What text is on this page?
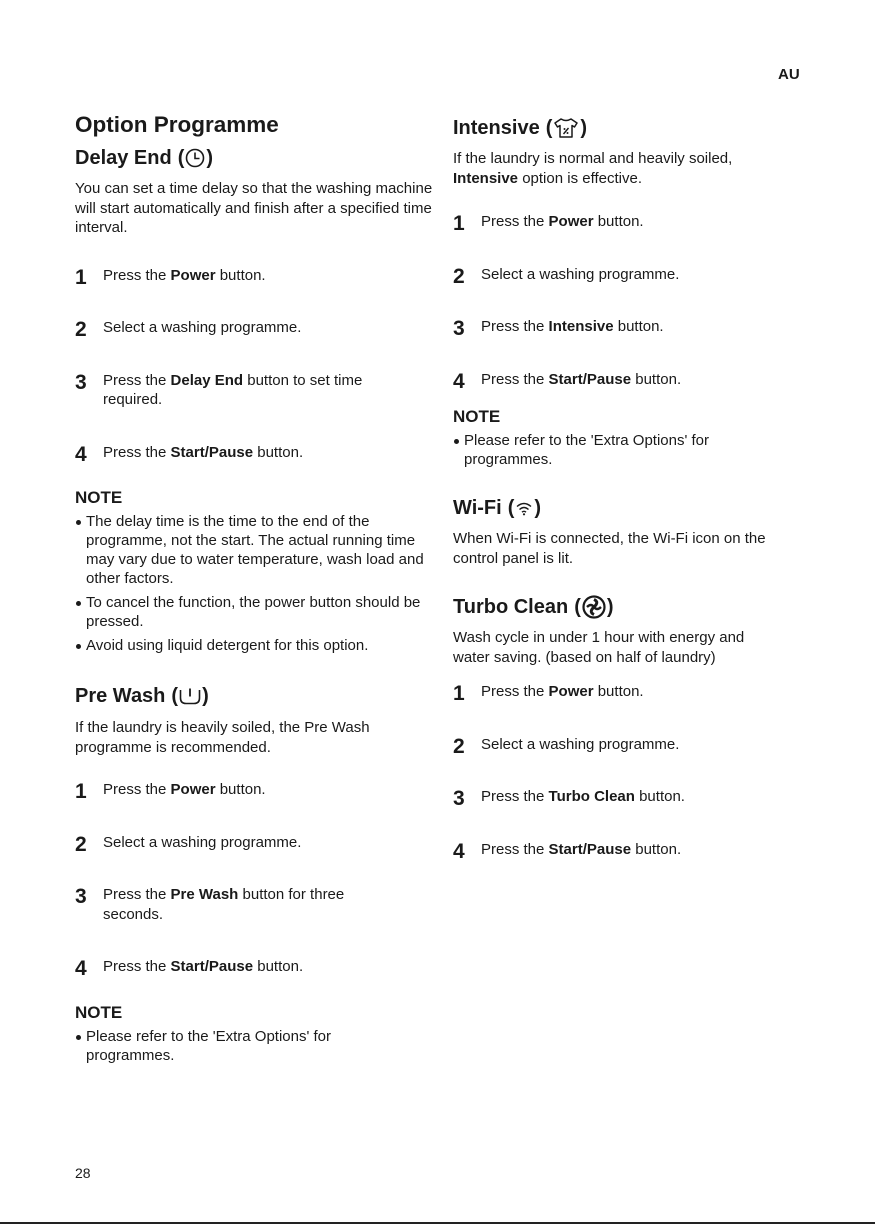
AU
Option Programme
Delay End ( )

You can set a time delay so that the washing machine will start automatically and finish after a specified time interval.

1	Press the Power button.
2	Select a washing programme.
3	Press the Delay End button to set time required.
4	Press the Start/Pause button.
NOTE
The delay time is the time to the end of the programme, not the start. The actual running time may vary due to water temperature, wash load and other factors.
To cancel the function, the power button should be pressed.
Avoid using liquid detergent for this option.
Pre Wash ( )

If the laundry is heavily soiled, the Pre Wash programme is recommended.

1	Press the Power button.
2	Select a washing programme.
3	Press the Pre Wash button for three seconds.
4	Press the Start/Pause button.
NOTE
Please refer to the 'Extra Options' for programmes.
Intensive ( )

If the laundry is normal and heavily soiled, Intensive option is effective.

1	Press the Power button.
2	Select a washing programme.
3	Press the Intensive button.
4	Press the Start/Pause button.
NOTE
Please refer to the 'Extra Options' for programmes.
Wi-Fi ( )

When Wi-Fi is connected, the Wi-Fi icon on the control panel is lit.

Turbo Clean ( )

Wash cycle in under 1 hour with energy and water saving. (based on half of laundry)

1	Press the Power button.
2	Select a washing programme.
3	Press the Turbo Clean button.
4	Press the Start/Pause button.
28
